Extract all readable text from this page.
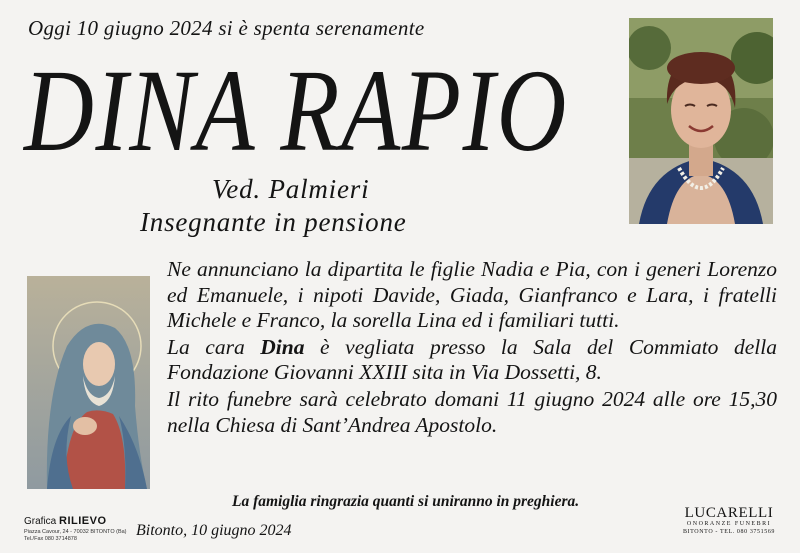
Oggi 10 giugno 2024 si è spenta serenamente
DINA RAPIO
Ved. Palmieri
Insegnante in pensione

Ne annunciano la dipartita le figlie Nadia e Pia, con i generi Lorenzo ed Emanuele, i nipoti Davide, Giada, Gianfranco e Lara, i fratelli Michele e Franco, la sorella Lina ed i familiari tutti.

La cara Dina è vegliata presso la Sala del Commiato della Fondazione Giovanni XXIII sita in Via Dossetti, 8.

Il rito funebre sarà celebrato domani 11 giugno 2024 alle ore 15,30 nella Chiesa di Sant’Andrea Apostolo.

La famiglia ringrazia quanti si uniranno in preghiera.
Bitonto, 10 giugno 2024
Grafica RILIEVO
Piazza Cavour, 24 - 70032 BITONTO (Ba)
Tel./Fax 080 3714878
LUCARELLI
ONORANZE FUNEBRI
BITONTO - TEL. 080 3751569
